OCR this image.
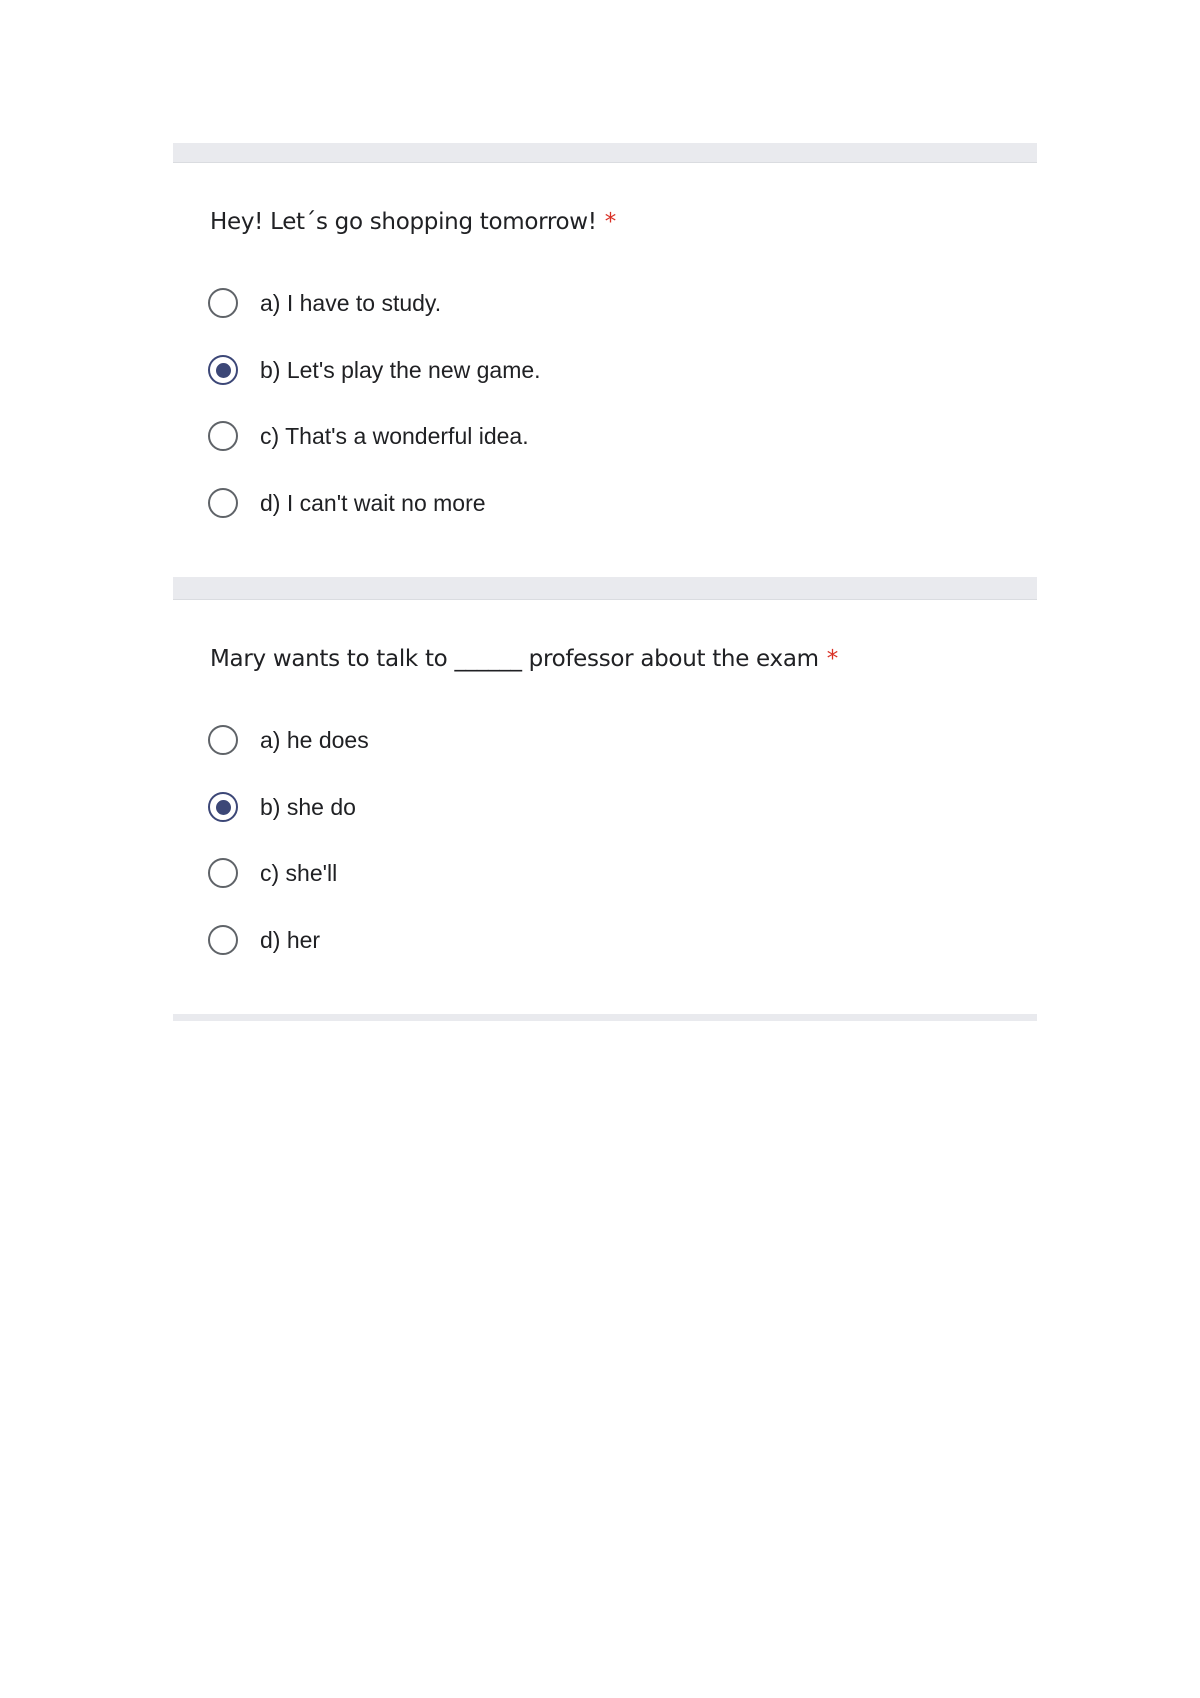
Hey! Let´s go shopping tomorrow! *
a) I have to study.
b) Let's play the new game.
c) That's a wonderful idea.
d) I can't wait no more
Mary wants to talk to ______ professor about the exam *
a) he does
b) she do
c) she'll
d) her
